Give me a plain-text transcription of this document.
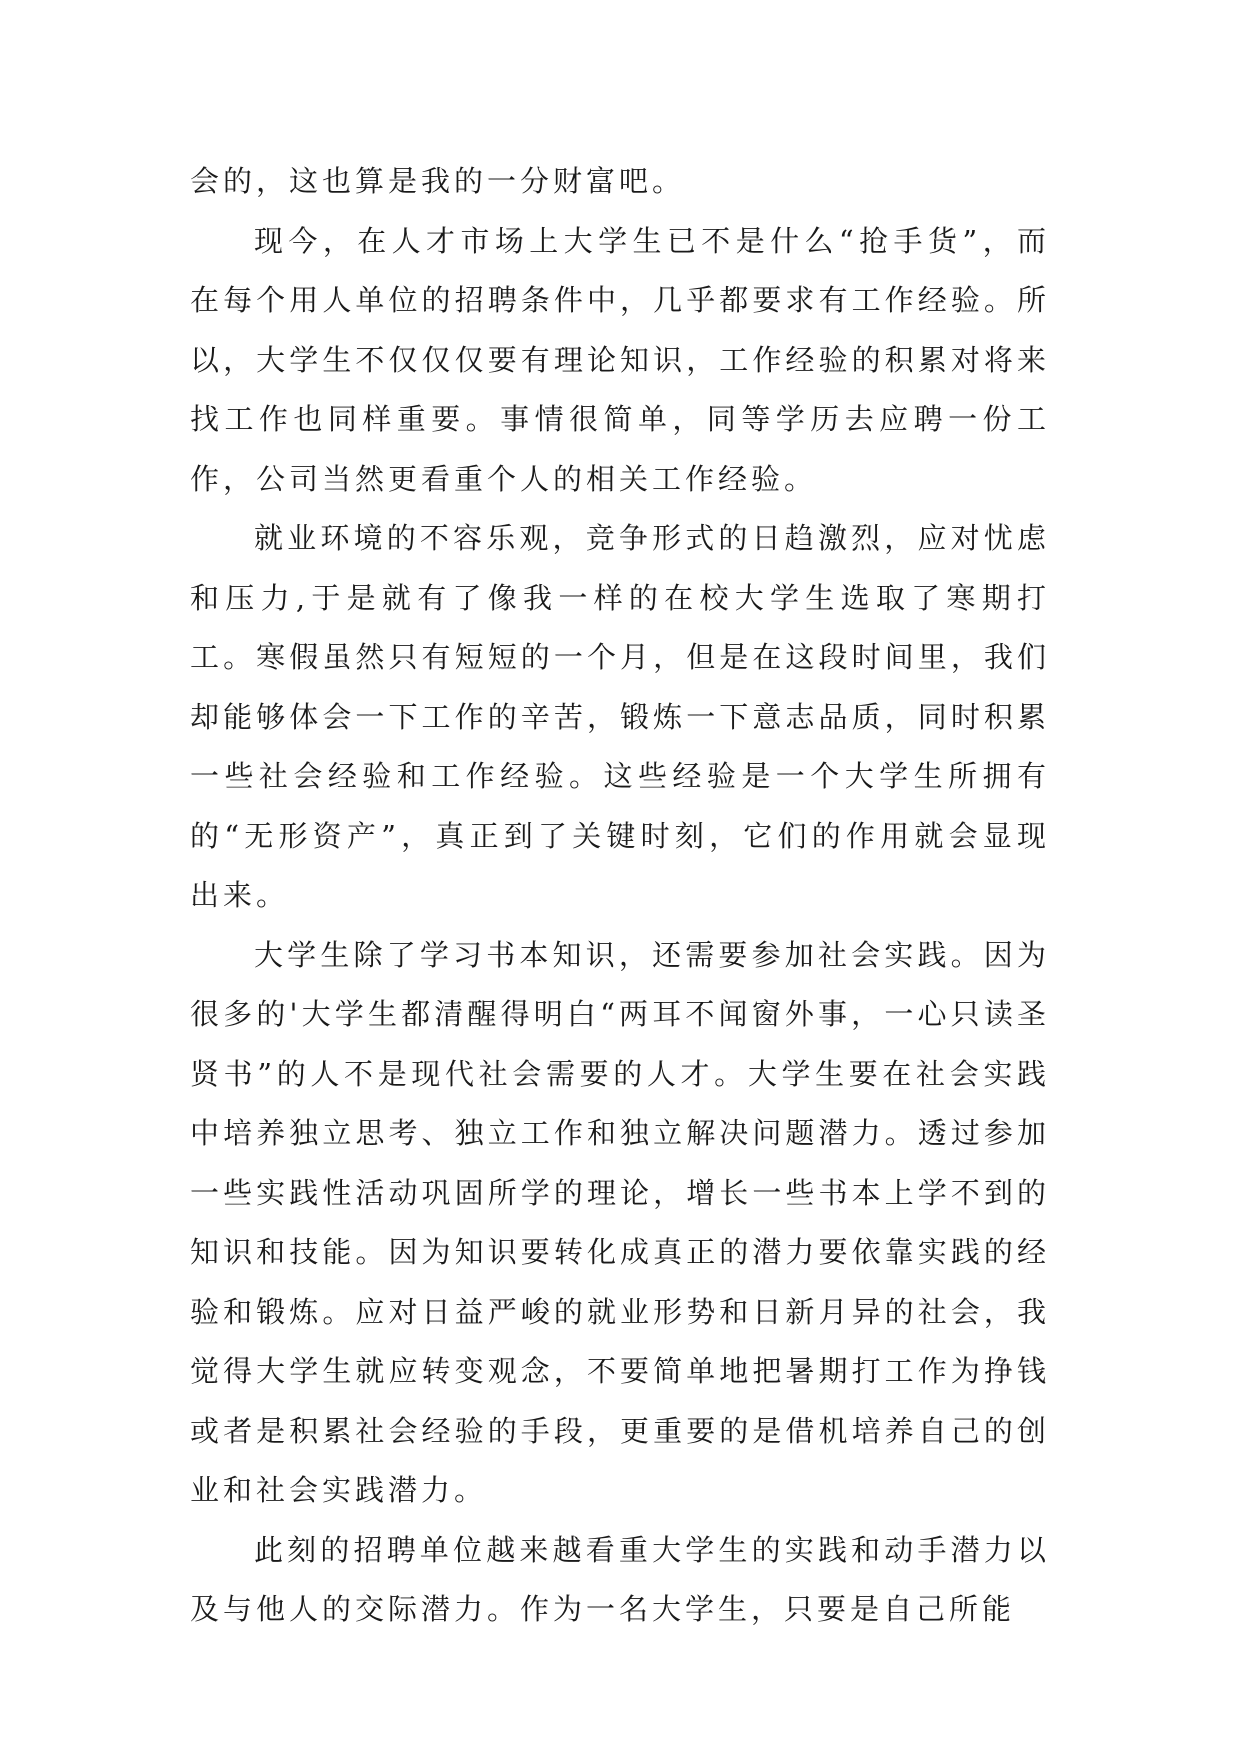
会的，这也算是我的一分财富吧。

现今，在人才市场上大学生已不是什么“抢手货”，而在每个用人单位的招聘条件中，几乎都要求有工作经验。所以，大学生不仅仅仅要有理论知识，工作经验的积累对将来找工作也同样重要。事情很简单，同等学历去应聘一份工作，公司当然更看重个人的相关工作经验。

就业环境的不容乐观，竞争形式的日趋激烈，应对忧虑和压力,于是就有了像我一样的在校大学生选取了寒期打工。寒假虽然只有短短的一个月，但是在这段时间里，我们却能够体会一下工作的辛苦，锻炼一下意志品质，同时积累一些社会经验和工作经验。这些经验是一个大学生所拥有的“无形资产”，真正到了关键时刻，它们的作用就会显现出来。

大学生除了学习书本知识，还需要参加社会实践。因为很多的'大学生都清醒得明白“两耳不闻窗外事，一心只读圣贤书”的人不是现代社会需要的人才。大学生要在社会实践中培养独立思考、独立工作和独立解决问题潜力。透过参加一些实践性活动巩固所学的理论，增长一些书本上学不到的知识和技能。因为知识要转化成真正的潜力要依靠实践的经验和锻炼。应对日益严峻的就业形势和日新月异的社会，我觉得大学生就应转变观念，不要简单地把暑期打工作为挣钱或者是积累社会经验的手段，更重要的是借机培养自己的创业和社会实践潜力。

此刻的招聘单位越来越看重大学生的实践和动手潜力以及与他人的交际潜力。作为一名大学生，只要是自己所能
